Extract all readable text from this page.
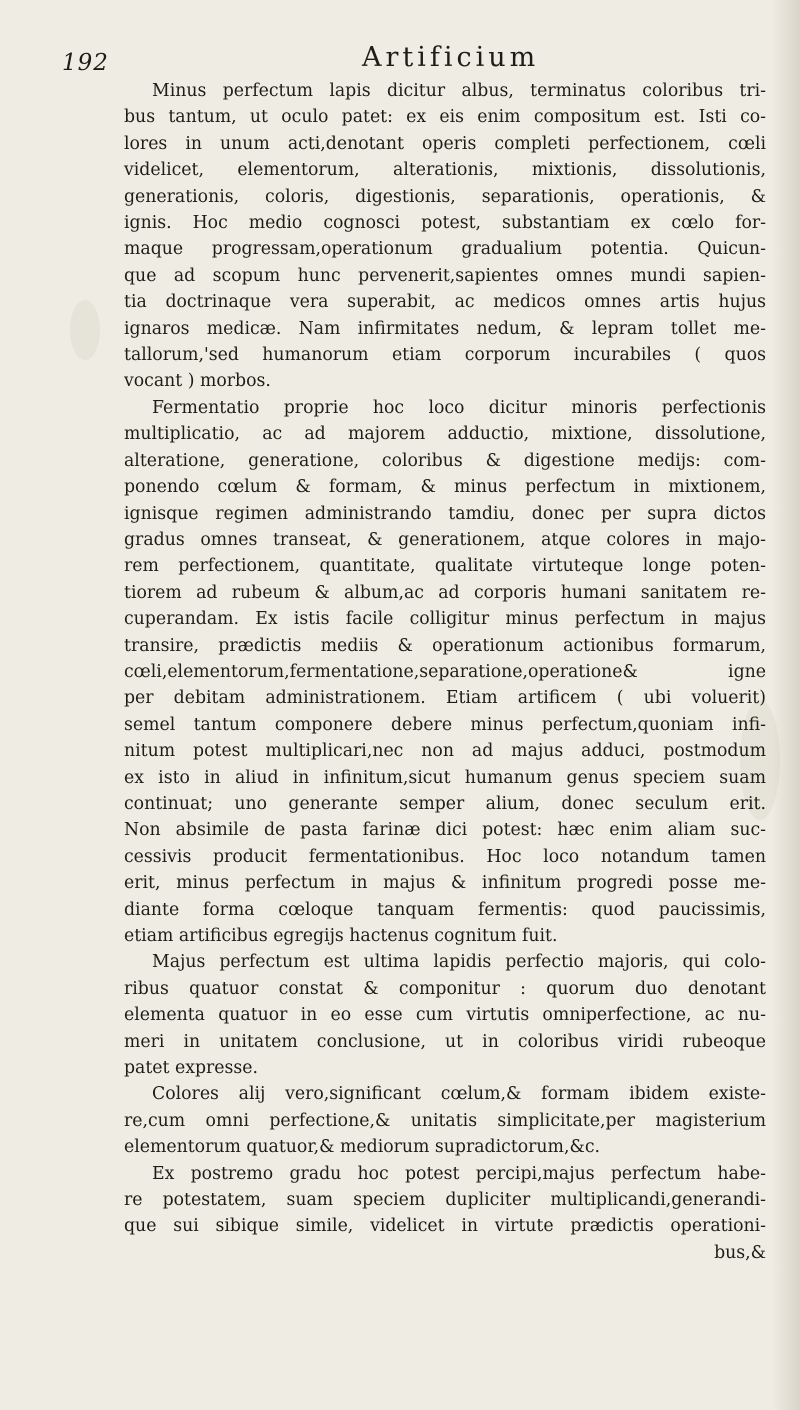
192	Artificium
Minus perfectum lapis dicitur albus, terminatus coloribus tri-
bus tantum, ut oculo patet: ex eis enim compositum est. Isti co-
lores in unum acti,denotant operis completi perfectionem, cœli
videlicet, elementorum, alterationis, mixtionis, dissolutionis,
generationis, coloris, digestionis, separationis, operationis, &
ignis. Hoc medio cognosci potest, substantiam ex cœlo for-
maque progressam,operationum gradualium potentia. Quicun-
que ad scopum hunc pervenerit,sapientes omnes mundi sapien-
tia doctrinaque vera superabit, ac medicos omnes artis hujus
ignaros medicæ. Nam infirmitates nedum, & lepram tollet me-
tallorum,'sed humanorum etiam corporum incurabiles ( quos
vocant ) morbos.
Fermentatio proprie hoc loco dicitur minoris perfectionis
multiplicatio, ac ad majorem adductio, mixtione, dissolutione,
alteratione, generatione, coloribus & digestione medijs: com-
ponendo cœlum & formam, & minus perfectum in mixtionem,
ignisque regimen administrando tamdiu, donec per supra dictos
gradus omnes transeat, & generationem, atque colores in majo-
rem perfectionem, quantitate, qualitate virtuteque longe poten-
tiorem ad rubeum & album,ac ad corporis humani sanitatem re-
cuperandam. Ex istis facile colligitur minus perfectum in majus
transire, prædictis mediis & operationum actionibus formarum,
cœli,elementorum,fermentatione,separatione,operatione& igne
per debitam administrationem. Etiam artificem ( ubi voluerit)
semel tantum componere debere minus perfectum,quoniam infi-
nitum potest multiplicari,nec non ad majus adduci, postmodum
ex isto in aliud in infinitum,sicut humanum genus speciem suam
continuat; uno generante semper alium, donec seculum erit.
Non absimile de pasta farinæ dici potest: hæc enim aliam suc-
cessivis producit fermentationibus. Hoc loco notandum tamen
erit, minus perfectum in majus & infinitum progredi posse me-
diante forma cœloque tanquam fermentis: quod paucissimis,
etiam artificibus egregijs hactenus cognitum fuit.
Majus perfectum est ultima lapidis perfectio majoris, qui colo-
ribus quatuor constat & componitur : quorum duo denotant
elementa quatuor in eo esse cum virtutis omniperfectione, ac nu-
meri in unitatem conclusione, ut in coloribus viridi rubeoque
patet expresse.
Colores alij vero,significant cœlum,& formam ibidem existe-
re,cum omni perfectione,& unitatis simplicitate,per magisterium
elementorum quatuor,& mediorum supradictorum,&c.
Ex postremo gradu hoc potest percipi,majus perfectum habe-
re potestatem, suam speciem dupliciter multiplicandi,generandi-
que sui sibique simile, videlicet in virtute prædictis operationi-
bus,&
